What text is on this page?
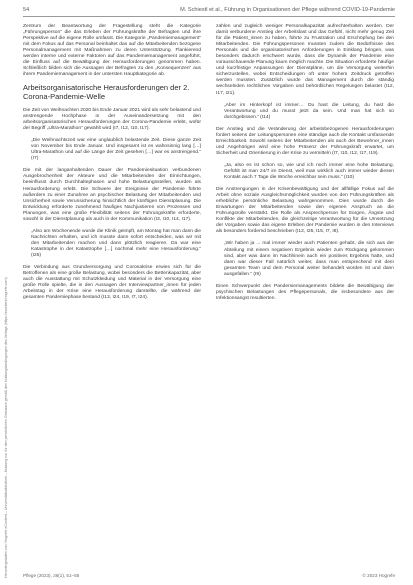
Heruntergeladen von: Hogrefe eContent – Universitätsbibliothek – Nutzung nur für den persönlichen Gebrauch gemäß den Nutzungsbedingungen des Verlags (https://econtent.hogrefe.com)
54	M. Schiestl et al., Führung in Organisationen der Pflege während COVID-19-Pandemie

Zentrum der Beantwortung der Fragestellung steht die Kategorie „Führungsperson“ die das Erleben der Führungskräfte der Befragten und ihre Perspektive auf die eigene Rolle umfasst. Die Kategorie „Pandemiemanagement“ mit dem Fokus auf das Personal beinhaltet das auf die Mitarbeitenden bezogene Personalmanagement mit Maßnahmen zu deren Unterstützung. Flankierend werden interne und externe Faktoren auf das Pandemiemanagement angeführt, die Einfluss auf die Bewältigung der Herausforderungen genommen haben. Schließlich bilden sich die Aussagen der Befragten zu den „Konsequenzen“ aus ihrem Pandemiemanagement in der untersten Hauptkategorie ab.

Arbeitsorganisatorische Herausforderungen der 2. Corona-Pandemie-Welle

Die Zeit von Weihnachten 2020 bis Ende Januar 2021 wird als sehr belastend und anstrengende Hochphase in der Auseinandersetzung mit den arbeitsorganisatorischen Herausforderungen der Corona-Pandemie erlebt, wofür der Begriff „Ultra-Marathon“ gewählt wird (I7, I12, I10, I17).

„Die Weihnachtszeit war eine unglaublich belastende Zeit. Diese ganze Zeit von November bis Ende Januar. Und insgesamt ist es wahnsinnig lang […] Ultra-Marathon und auf die Länge der Zeit gesehen […] war es anstrengend.“ (I7)

Die mit der langanhaltenden Dauer der Pandemiesituation verbundenen Ausgebrochenheit der Akteure und die Mitarbeitenden der Einrichtungen, beeinflusst durch Durchhaltephasen und hohe Belastungsstellen, wurden als Herausforderung erlebt. Die Schwere der Ereignisse der Pandemie führte außerdem zu einer Zunahme an psychischer Belastung der Mitarbeitenden und Unsicherheit sowie Verunsicherung hinsichtlich der künftigen Dienstplanung. Die Entwicklung erforderte zunehmend häufiges Nachjustieren von Prozessen und Planungen, was eine große Flexibilität seitens der Führungskräfte erforderte, sowohl in der Dienstplanung als auch in der Kommunikation (I3, I10, I14, I17).

„Also am Wochenende wurde die Klinik geimpft, am Montag hat man dann die Nachrichten erhalten, und ich musste dann sofort entscheiden, was wir mit den Mitarbeitenden machen und dann plötzlich reagieren. Da war eine Katastrophe in der Katastrophe […] nochmal mehr eine Herausforderung.“ (I25)

Die Verbindung aus Grundversorgung und Coronakrise erwies sich für die Betroffenen als eine große Belastung, wobei besonders die Bettenkapazität, aber auch die Ausstattung mit Schutzkleidung und Material in der Versorgung eine große Rolle spielte, die in den Aussagen der Interviewpartner_innen für jeden Arbeitstag in der Krise eine Herausforderung darstellte, die während der gesamten Pandemiephase bestand (I13, I24, I19, I7, I24).

zahlen und zugleich weniger Personalkapazität aufrechterhalten werden. Der damit verbundene Anstieg der Arbeitslast und das Gefühl, nicht mehr genug Zeit für die Patient_innen zu haben, führte zu Frustration und Erschöpfung bei den Mitarbeitenden. Die Führungspersonen mussten zudem die Bedürfnisse des Personals und die organisatorischen Anforderungen in Einklang bringen, was besonders dadurch erschwert wurde, dass die Dynamik der Pandemie eine vorausschauende Planung kaum möglich machte. Die Situation erforderte häufige und kurzfristige Anpassungen der Dienstpläne, um die Versorgung weiterhin sicherzustellen, wobei Entscheidungen oft unter hohem Zeitdruck getroffen werden mussten. Zusätzlich wurde das Management durch die ständig wechselnden rechtlichen Vorgaben und behördlichen Regelungen belastet (I12, I17, I21).

„Aber im Hinterkopf ist immer… Du hast die Leitung, du hast die Verantwortung und du musst jetzt da sein. Und man hat sich so durchgebissen.“ (I14)

Der Anstieg und die Veränderung der arbeitsbezogenen Herausforderungen fordert seitens der Leitungspersonen eine ständige auch die Kontakt umfassende Erreichbarkeit. Sowohl seitens der Mitarbeitenden als auch der Bewohner_innen und Angehörigen wird eine hohe Präsenz der Führungskraft erwartet, um Sicherheit und Orientierung in der Krise zu vermitteln (I7, I10, I12, I17, I19).

„Ja, also es ist schon so, wie und ich noch immer eine hohe Belastung. Gefühlt ist man 24/7 im Dienst, weil man wirklich auch immer wieder diesen Kontakt auch 7 Tage die Woche erreichbar sein muss.“ (I10)

Die Anstrengungen in der Krisenbewältigung und der allfällige Fokus auf die Arbeit ohne soziale Ausgleichsmöglichkeit wurden von den Führungskräften als erhebliche persönliche Belastung wahrgenommen. Dies wurde durch die Erwartungen der Mitarbeitenden sowie den eigenen Anspruch an die Führungsrolle verstärkt. Die Rolle als Ansprechperson für Sorgen, Ängste und Konflikte der Mitarbeitenden, die gleichzeitige Verantwortung für die Umsetzung der Vorgaben sowie das eigene Erleben der Pandemie wurden in den Interviews als besonders fordernd beschrieben (I12, I25, I15, I7, I8).

„Wir haben ja ... mal immer wieder auch Patienten gehabt, die sich aus der Abteilung mit einem negativen Ergebnis wieder zum Rückgang gekommen sind, aber was dann im Nachhinein auch ein positives Ergebnis hatte, und dann war dieser Fall natürlich weiter, dass man entsprechend mit dem gesamten Team und dem Personal weiter behandelt worden ist und dann ausgefallen.“ (I9)

Einen Schwerpunkt des Pandemiemanagements bildete die Bewältigung der psychischen Belastungen des Pflegepersonals, die insbesondere aus der Infektionsangst resultierten.

Pflege (2023), 36(1), 51–58	© 2023 Hogrefe
